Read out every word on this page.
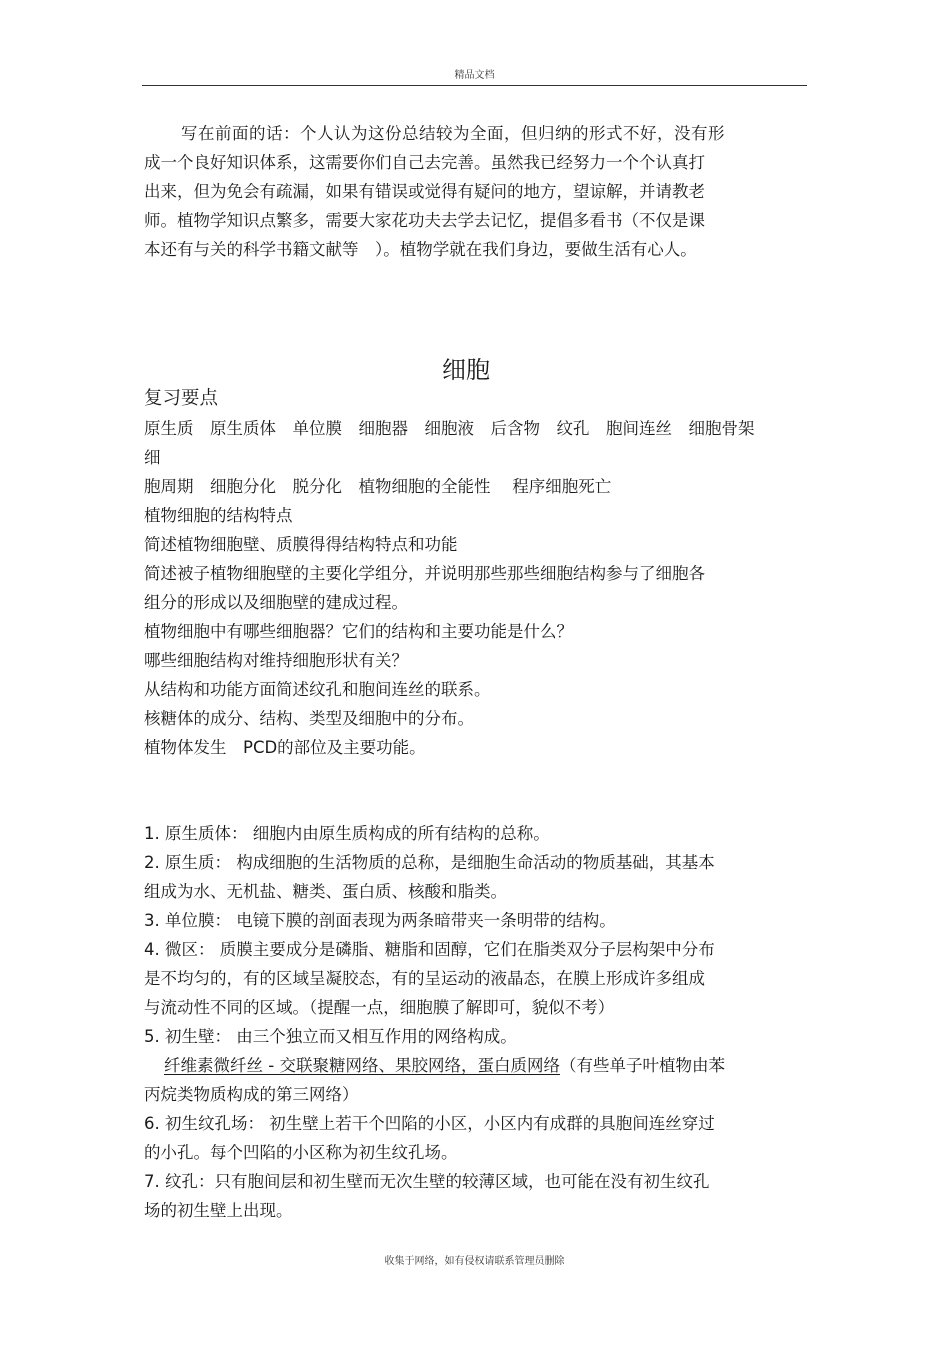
精品文档

写在前面的话：个人认为这份总结较为全面，但归纳的形式不好，没有形

成一个良好知识体系，这需要你们自己去完善。虽然我已经努力一个个认真打

出来，但为免会有疏漏，如果有错误或觉得有疑问的地方，望谅解，并请教老

师。植物学知识点繁多，需要大家花功夫去学去记忆，提倡多看书（不仅是课

本还有与关的科学书籍文献等　）。植物学就在我们身边，要做生活有心人。

细胞

复习要点

原生质　原生质体　单位膜　细胞器　细胞液　后含物　纹孔　胞间连丝　细胞骨架　细

胞周期　细胞分化　脱分化　植物细胞的全能性　 程序细胞死亡

植物细胞的结构特点

简述植物细胞壁、质膜得得结构特点和功能

简述被子植物细胞壁的主要化学组分，并说明那些那些细胞结构参与了细胞各

组分的形成以及细胞壁的建成过程。

植物细胞中有哪些细胞器？它们的结构和主要功能是什么？

哪些细胞结构对维持细胞形状有关？

从结构和功能方面简述纹孔和胞间连丝的联系。

核糖体的成分、结构、类型及细胞中的分布。

植物体发生　PCD的部位及主要功能。

1. 原生质体： 细胞内由原生质构成的所有结构的总称。

2. 原生质： 构成细胞的生活物质的总称，是细胞生命活动的物质基础，其基本

组成为水、无机盐、糖类、蛋白质、核酸和脂类。

3. 单位膜： 电镜下膜的剖面表现为两条暗带夹一条明带的结构。

4. 微区： 质膜主要成分是磷脂、糖脂和固醇，它们在脂类双分子层构架中分布

是不均匀的，有的区域呈凝胶态，有的呈运动的液晶态，在膜上形成许多组成

与流动性不同的区域。（提醒一点，细胞膜了解即可，貌似不考）

5. 初生壁： 由三个独立而又相互作用的网络构成。

纤维素微纤丝 - 交联聚糖网络、果胶网络，蛋白质网络（有些单子叶植物由苯

丙烷类物质构成的第三网络）

6. 初生纹孔场： 初生壁上若干个凹陷的小区，小区内有成群的具胞间连丝穿过

的小孔。每个凹陷的小区称为初生纹孔场。

7. 纹孔：只有胞间层和初生壁而无次生壁的较薄区域，也可能在没有初生纹孔

场的初生壁上出现。

收集于网络，如有侵权请联系管理员删除
